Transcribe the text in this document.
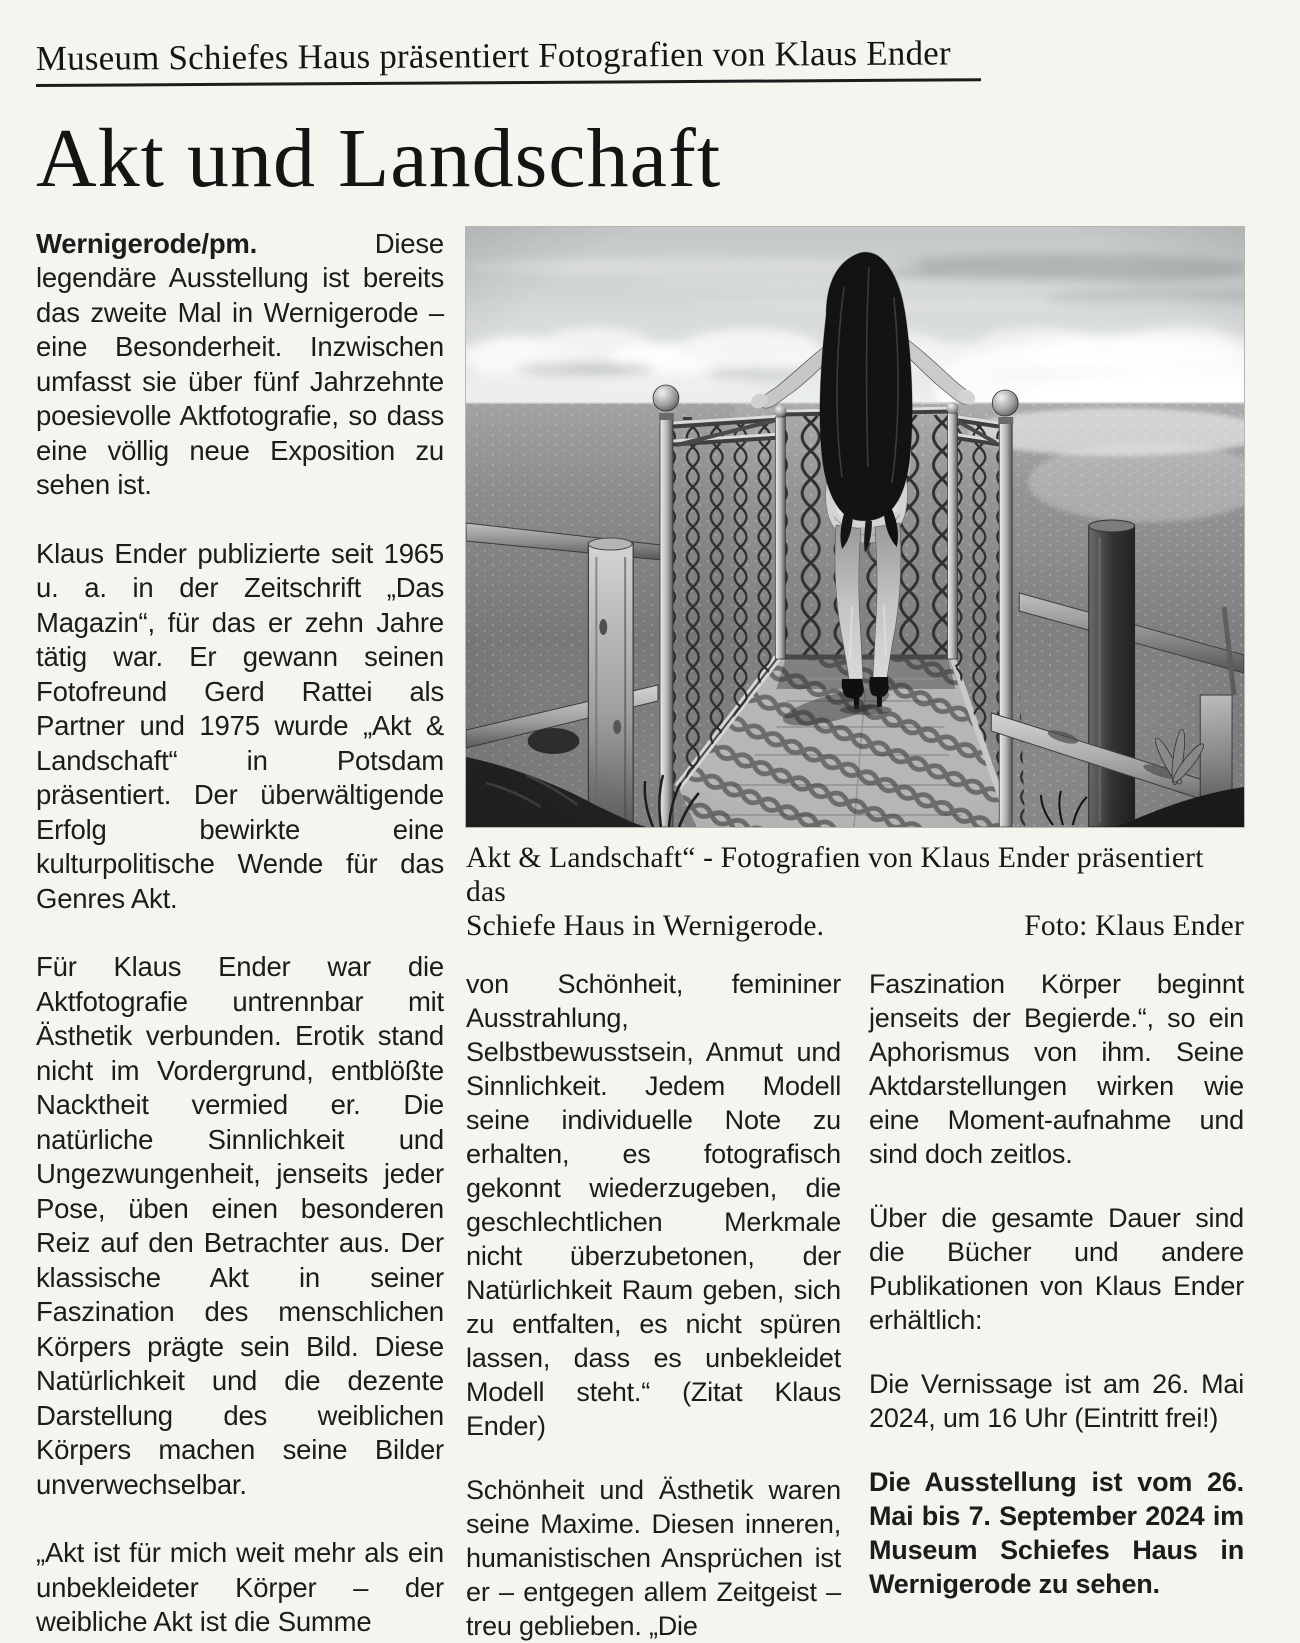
Museum Schiefes Haus präsentiert Fotografien von Klaus Ender
Akt und Landschaft

Wernigerode/pm. Diese legendäre Ausstellung ist bereits das zweite Mal in Wernigerode – eine Besonderheit. Inzwischen umfasst sie über fünf Jahrzehnte poesievolle Aktfotografie, so dass eine völlig neue Exposition zu sehen ist.

Klaus Ender publizierte seit 1965 u. a. in der Zeitschrift „Das Magazin“, für das er zehn Jahre tätig war. Er gewann seinen Fotofreund Gerd Rattei als Partner und 1975 wurde „Akt & Landschaft“ in Potsdam präsentiert. Der überwältigende Erfolg bewirkte eine kulturpolitische Wende für das Genres Akt.

Für Klaus Ender war die Aktfotografie untrennbar mit Ästhetik verbunden. Erotik stand nicht im Vordergrund, entblößte Nacktheit vermied er. Die natürliche Sinnlichkeit und Ungezwungenheit, jenseits jeder Pose, üben einen besonderen Reiz auf den Betrachter aus. Der klassische Akt in seiner Faszination des menschlichen Körpers prägte sein Bild. Diese Natürlichkeit und die dezente Darstellung des weiblichen Körpers machen seine Bilder unverwechselbar.

„Akt ist für mich weit mehr als ein unbekleideter Körper – der weibliche Akt ist die Summe

Akt & Landschaft“ - Fotografien von Klaus Ender präsentiert das
Schiefe Haus in Wernigerode.	Foto: Klaus Ender

von Schönheit, femininer Ausstrahlung, Selbstbewusstsein, Anmut und Sinnlichkeit. Jedem Modell seine individuelle Note zu erhalten, es fotografisch gekonnt wiederzugeben, die geschlechtlichen Merkmale nicht überzubetonen, der Natürlichkeit Raum geben, sich zu entfalten, es nicht spüren lassen, dass es unbekleidet Modell steht.“ (Zitat Klaus Ender)

Schönheit und Ästhetik waren seine Maxime. Diesen inneren, humanistischen Ansprüchen ist er – entgegen allem Zeitgeist – treu geblieben. „Die

Faszination Körper beginnt jenseits der Begierde.“, so ein Aphorismus von ihm. Seine Aktdarstellungen wirken wie eine Moment-aufnahme und sind doch zeitlos.

Über die gesamte Dauer sind die Bücher und andere Publikationen von Klaus Ender erhältlich:

Die Vernissage ist am 26. Mai 2024, um 16 Uhr (Eintritt frei!)

Die Ausstellung ist vom 26. Mai bis 7. September 2024 im Museum Schiefes Haus in Wernigerode zu sehen.
